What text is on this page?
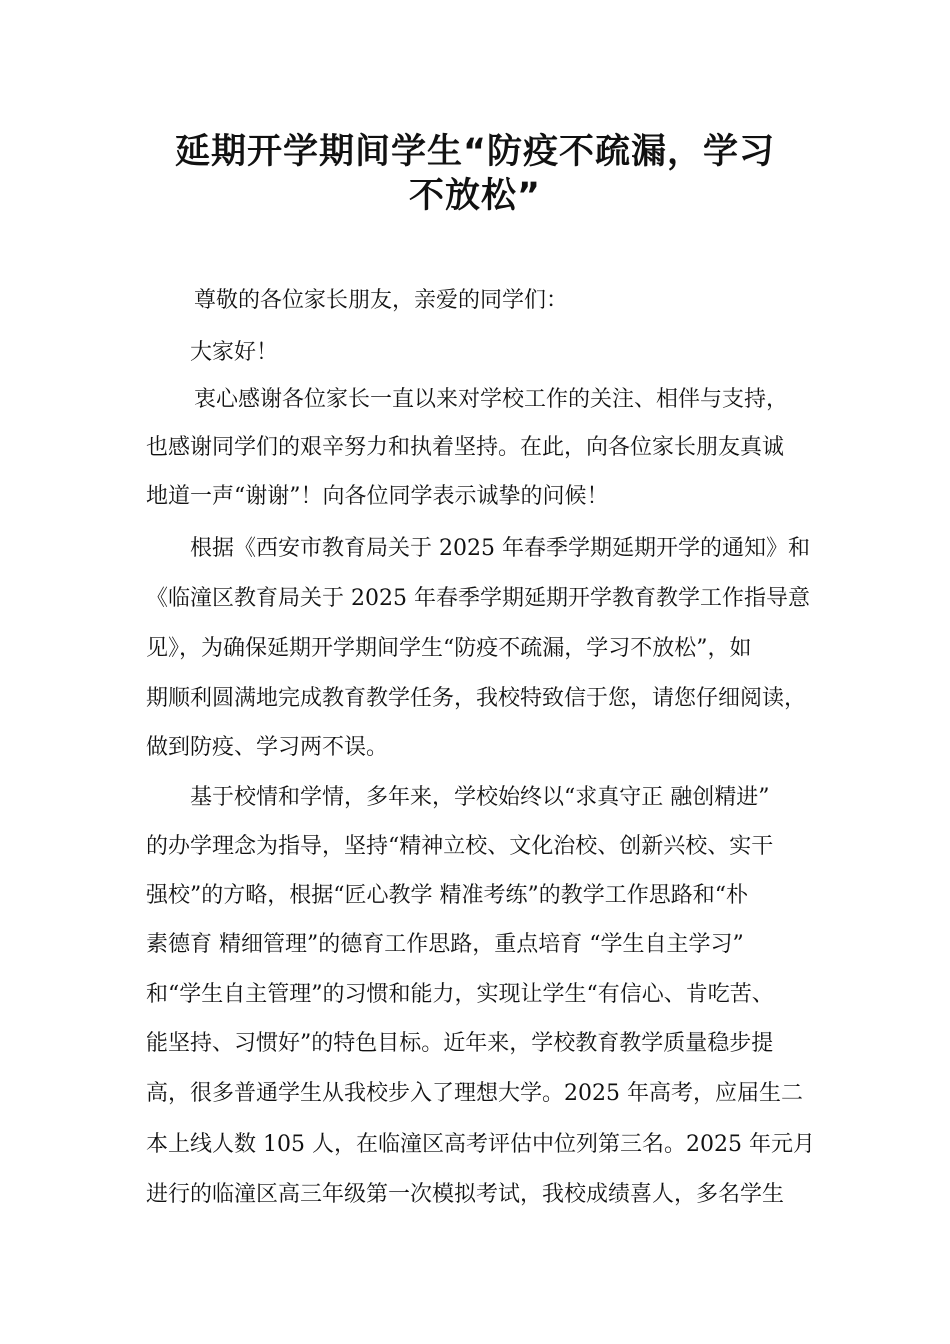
延期开学期间学生“防疫不疏漏，学习
不放松”
尊敬的各位家长朋友，亲爱的同学们：
大家好！
衷心感谢各位家长一直以来对学校工作的关注、相伴与支持，
也感谢同学们的艰辛努力和执着坚持。在此，向各位家长朋友真诚
地道一声“谢谢”！向各位同学表示诚挚的问候！
根据《西安市教育局关于 2025 年春季学期延期开学的通知》和
《临潼区教育局关于 2025 年春季学期延期开学教育教学工作指导意
见》，为确保延期开学期间学生“防疫不疏漏，学习不放松”，如
期顺利圆满地完成教育教学任务，我校特致信于您，请您仔细阅读，
做到防疫、学习两不误。
基于校情和学情，多年来，学校始终以“求真守正 融创精进”
的办学理念为指导，坚持“精神立校、文化治校、创新兴校、实干
强校”的方略，根据“匠心教学 精准考练”的教学工作思路和“朴
素德育 精细管理”的德育工作思路，重点培育 “学生自主学习”
和“学生自主管理”的习惯和能力，实现让学生“有信心、肯吃苦、
能坚持、习惯好”的特色目标。近年来，学校教育教学质量稳步提
高，很多普通学生从我校步入了理想大学。2025 年高考，应届生二
本上线人数 105 人，在临潼区高考评估中位列第三名。2025 年元月
进行的临潼区高三年级第一次模拟考试，我校成绩喜人，多名学生
